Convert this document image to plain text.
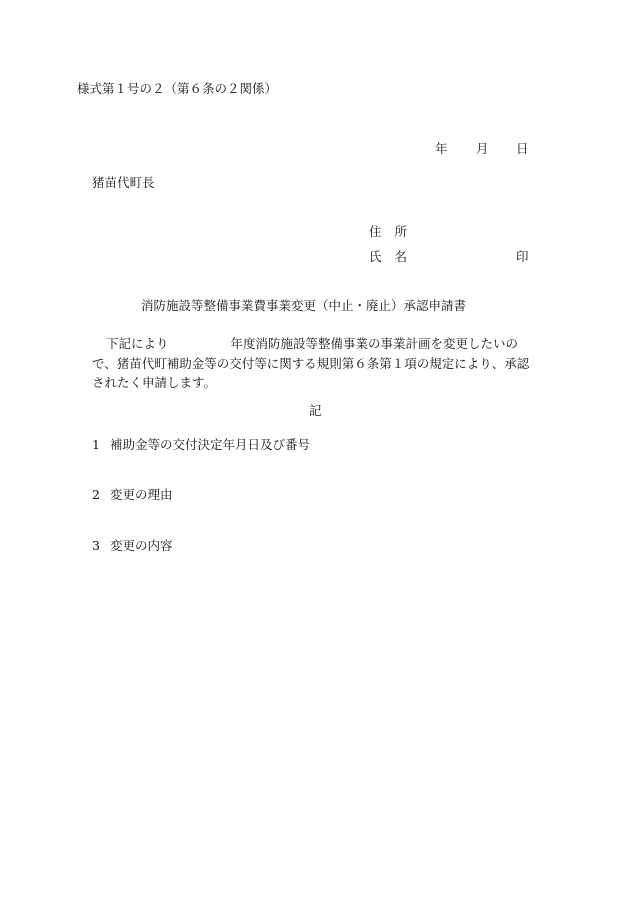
様式第１号の２（第６条の２関係）
年 月 日
猪苗代町長
住 所
氏 名	印
消防施設等整備事業費事業変更（中止・廃止）承認申請書
下記により	年度消防施設等整備事業の事業計画を変更したいの
で、猪苗代町補助金等の交付等に関する規則第６条第１項の規定により、承認
されたく申請します。
記
1 補助金等の交付決定年月日及び番号
2 変更の理由
3 変更の内容
